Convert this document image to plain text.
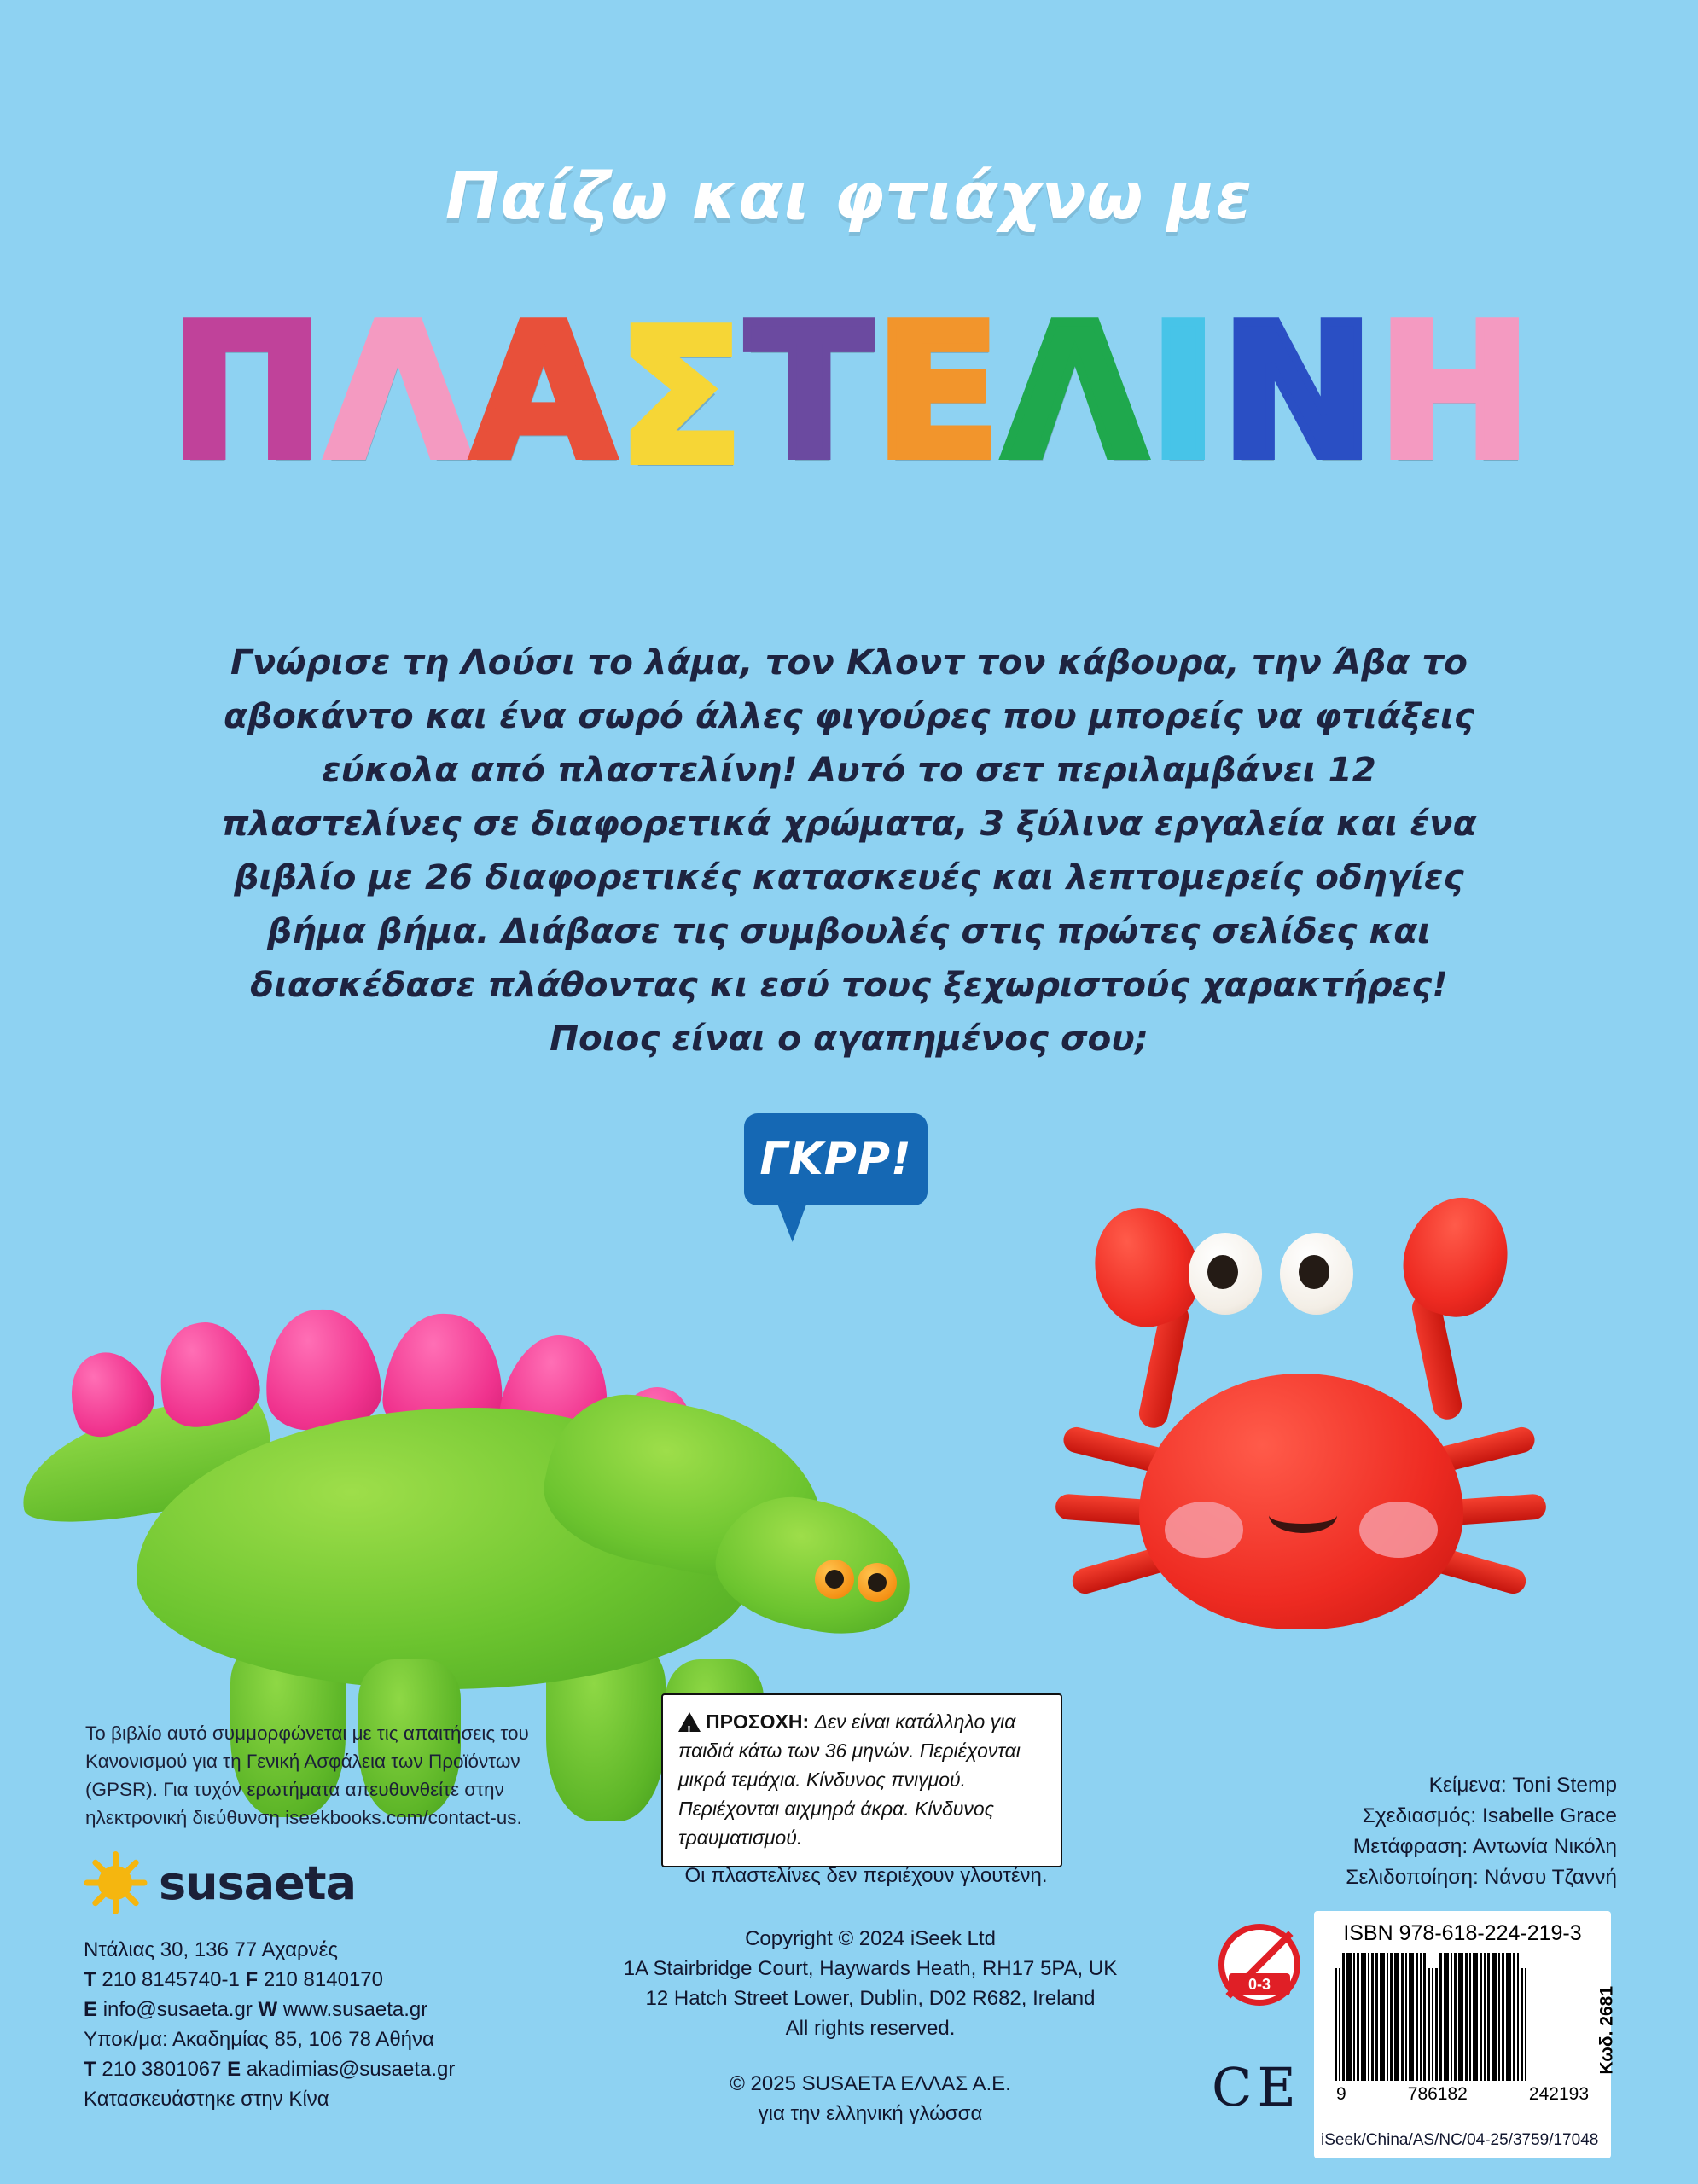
Παίζω και φτιάχνω με
ΠΛΑΣΤΕΛΙΝΗ
Γνώρισε τη Λούσι το λάμα, τον Κλοντ τον κάβουρα, την Άβα το αβοκάντο και ένα σωρό άλλες φιγούρες που μπορείς να φτιάξεις εύκολα από πλαστελίνη! Αυτό το σετ περιλαμβάνει 12 πλαστελίνες σε διαφορετικά χρώματα, 3 ξύλινα εργαλεία και ένα βιβλίο με 26 διαφορετικές κατασκευές και λεπτομερείς οδηγίες βήμα βήμα. Διάβασε τις συμβουλές στις πρώτες σελίδες και διασκέδασε πλάθοντας κι εσύ τους ξεχωριστούς χαρακτήρες! Ποιος είναι ο αγαπημένος σου;
ΓΚΡΡ!
Το βιβλίο αυτό συμμορφώνεται με τις απαιτήσεις του Κανονισμού για τη Γενική Ασφάλεια των Προϊόντων (GPSR). Για τυχόν ερωτήματα απευθυνθείτε στην ηλεκτρονική διεύθυνση iseekbooks.com/contact-us.
susaeta
Ντάλιας 30, 136 77 Αχαρνές
T 210 8145740-1 F 210 8140170
E info@susaeta.gr W www.susaeta.gr
Υποκ/μα: Ακαδημίας 85, 106 78 Αθήνα
T 210 3801067 E akadimias@susaeta.gr
Κατασκευάστηκε στην Κίνα
!ΠΡΟΣΟΧΗ: Δεν είναι κατάλληλο για παιδιά κάτω των 36 μηνών. Περιέχονται μικρά τεμάχια. Κίνδυνος πνιγμού. Περιέχονται αιχμηρά άκρα. Κίνδυνος τραυματισμού.
Οι πλαστελίνες δεν περιέχουν γλουτένη.
Copyright © 2024 iSeek Ltd
1A Stairbridge Court, Haywards Heath, RH17 5PA, UK
12 Hatch Street Lower, Dublin, D02 R682, Ireland
All rights reserved.
© 2025 SUSAETA ΕΛΛΑΣ Α.Ε.
για την ελληνική γλώσσα
Κείμενα: Toni Stemp
Σχεδιασμός: Isabelle Grace
Μετάφραση: Αντωνία Νικόλη
Σελιδοποίηση: Νάνσυ Τζαννή
0-3
CE
ISBN 978-618-224-219-3
9	786182	242193
Κωδ. 2681
iSeek/China/AS/NC/04-25/3759/17048
